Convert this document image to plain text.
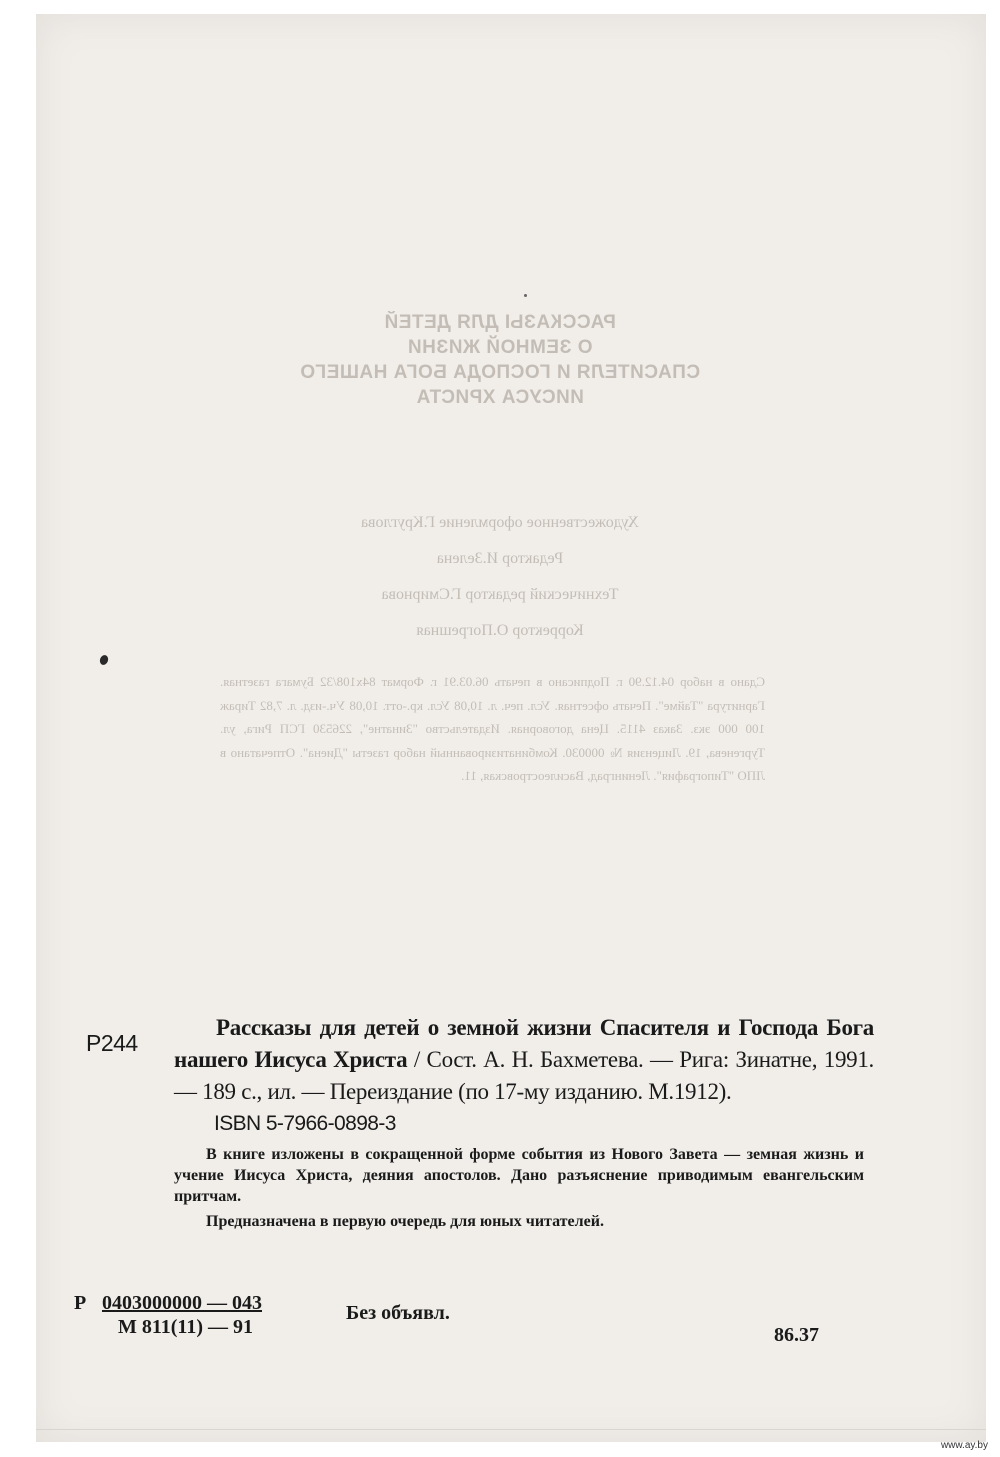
РАССКАЗЫ ДЛЯ ДЕТЕЙ
О ЗЕМНОЙ ЖИЗНИ
СПАСИТЕЛЯ И ГОСПОДА БОГА НАШЕГО
ИИСУСА ХРИСТА
Художественное оформление Г.Круглова
Редактор И.Зелена
Технический редактор Г.Смирнова
Корректор О.Погрешная
Сдано в набор 04.12.90 г. Подписано в печать 06.03.91 г. Формат 84х108/32 Бумага газетная. Гарнитура "Тайме". Печать офсетная. Усл. печ. л. 10,08 Усл. кр.-отт. 10,08 Уч.-изд. л. 7,82 Тираж 100 000 экз. Заказ 4115. Цена договорная. Издательство "Зинатне", 226530 ГСП Рига, ул. Тургенева, 19. Лицензия № 000030. Комбинатизированный набор газеты "Диена". Отпечатано в ЛПО "Типография". Ленинград, Василеостровская, 11.
Р244
Рассказы для детей о земной жизни Спасителя и Господа Бога нашего Иисуса Христа / Сост. А. Н. Бахметева. — Рига: Зинатне, 1991. — 189 с., ил. — Переиздание (по 17-му изданию. М.1912).
ISBN 5-7966-0898-3
В книге изложены в сокращенной форме события из Нового Завета — земная жизнь и учение Иисуса Христа, деяния апостолов. Дано разъяснение приводимым евангельским притчам.
Предназначена в первую очередь для юных читателей.
Р 0403000000 — 043
М 811(11) — 91
Без объявл.
86.37
www.ay.by
